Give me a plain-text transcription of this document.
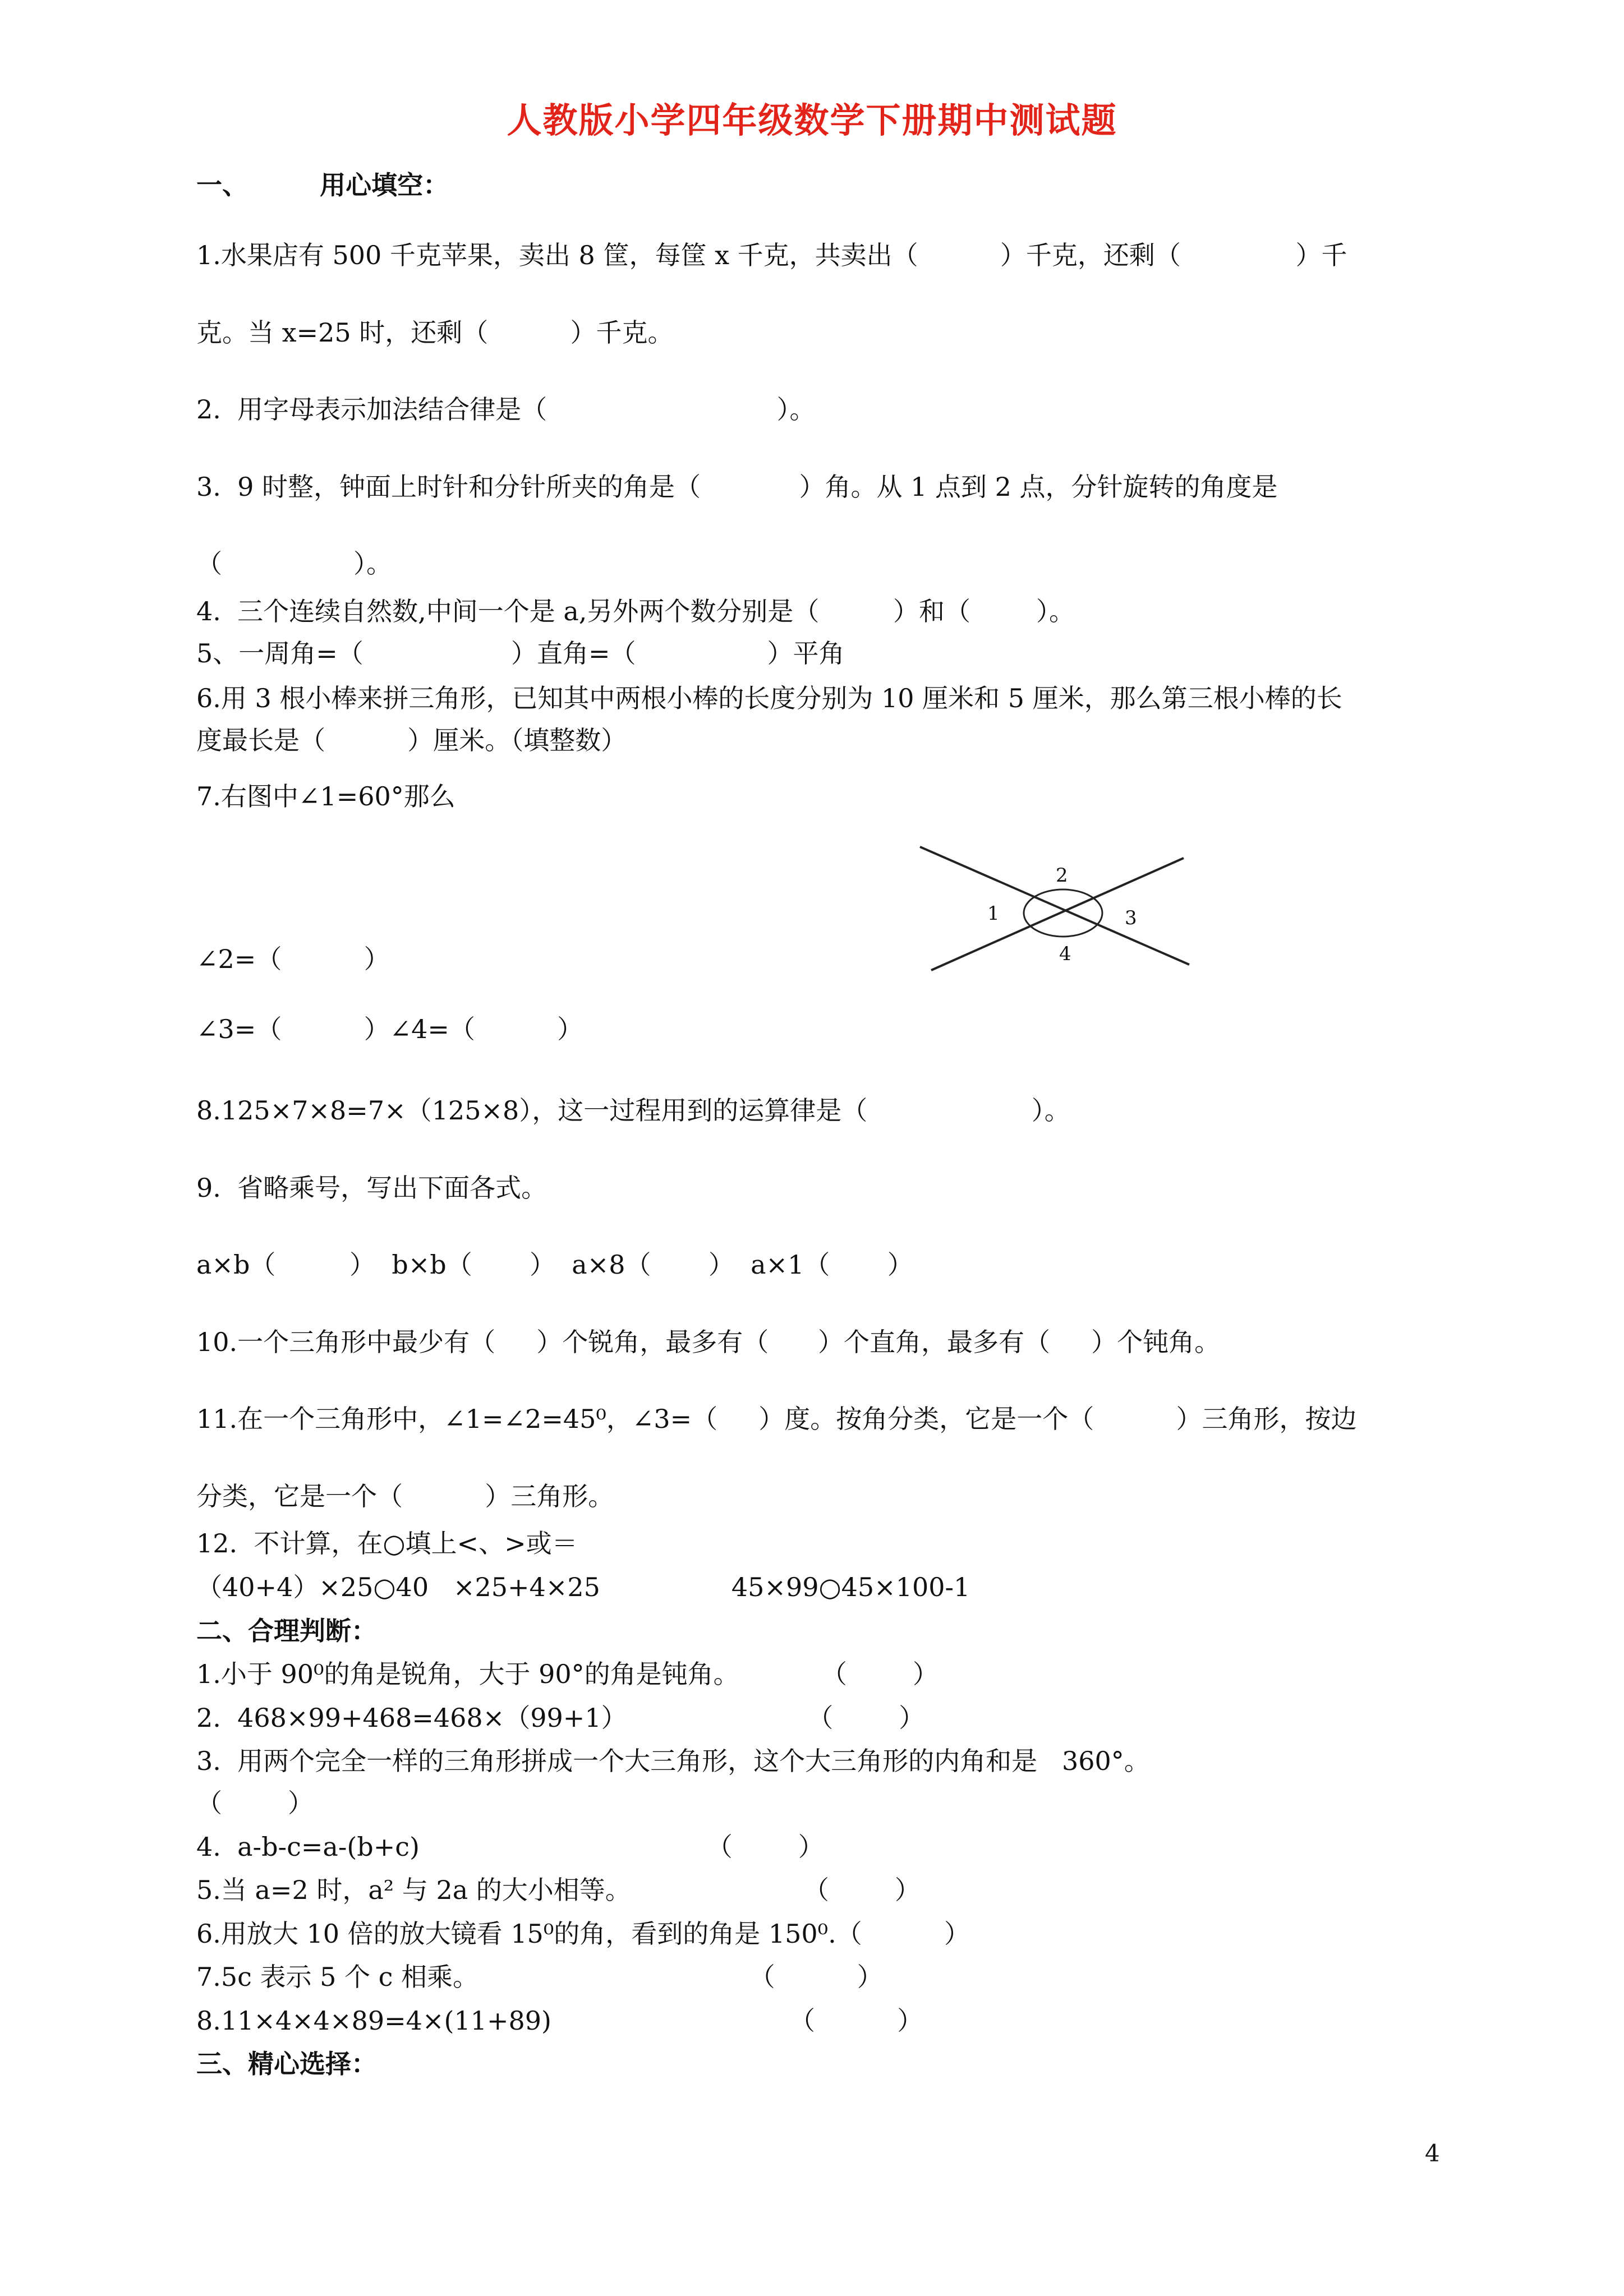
人教版小学四年级数学下册期中测试题
一、        用心填空：
1.水果店有 500 千克苹果，卖出 8 筐，每筐 x 千克，共卖出（          ）千克，还剩（              ）千
克。当 x=25 时，还剩（          ）千克。
2.  用字母表示加法结合律是（                            ）。
3.  9 时整，钟面上时针和分针所夹的角是（            ）角。从 1 点到 2 点，分针旋转的角度是
（                ）。
4.  三个连续自然数,中间一个是 a,另外两个数分别是（         ）和（        ）。
5、一周角=（                  ）直角=（                ）平角
6.用 3 根小棒来拼三角形，已知其中两根小棒的长度分别为 10 厘米和 5 厘米，那么第三根小棒的长
度最长是（          ）厘米。（填整数）
7.右图中∠1=60°那么
1
2
3
4
∠2=（          ）
∠3=（          ）∠4=（          ）
8.125×7×8=7×（125×8），这一过程用到的运算律是（                    ）。
9.  省略乘号，写出下面各式。
a×b（         ）  b×b（       ）  a×8（       ）  a×1（       ）
10.一个三角形中最少有（     ）个锐角，最多有（      ）个直角，最多有（     ）个钝角。
11.在一个三角形中，∠1=∠2=45⁰，∠3=（     ）度。按角分类，它是一个（          ）三角形，按边
分类，它是一个（          ）三角形。
12.  不计算，在○填上<、>或＝
（40+4）×25○40   ×25+4×25                45×99○45×100-1
二、合理判断：
1.小于 90⁰的角是锐角，大于 90°的角是钝角。          （        ）
2.  468×99+468=468×（99+1）                      （        ）
3.  用两个完全一样的三角形拼成一个大三角形，这个大三角形的内角和是   360°。
（        ）
4.  a-b-c=a-(b+c)                                   （        ）
5.当 a=2 时，a² 与 2a 的大小相等。                     （        ）
6.用放大 10 倍的放大镜看 15⁰的角，看到的角是 150⁰.（          ）
7.5c 表示 5 个 c 相乘。                                 （          ）
8.11×4×4×89=4×(11+89)                             （          ）
三、精心选择：
4
